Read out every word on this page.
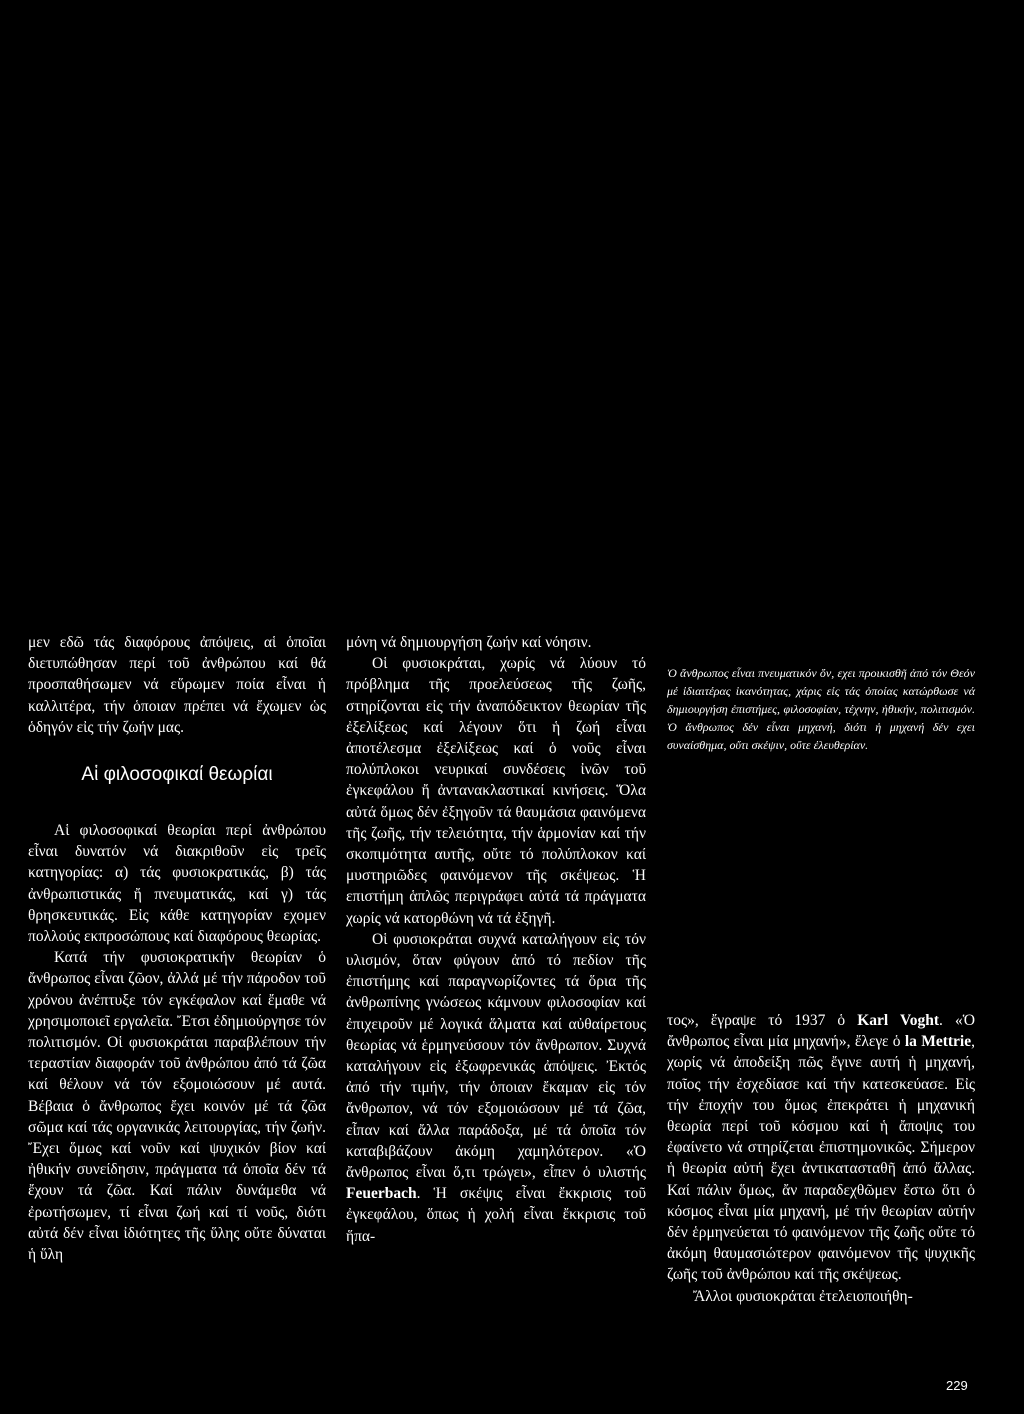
μεν εδῶ τάς διαφόρους ἀπόψεις, αἱ ὁποῖαι διετυπώθησαν περί τοῦ ἀνθρώπου καί θά προσπαθήσωμεν νά εὕρωμεν ποία εἶναι ἡ καλλιτέρα, τήν ὁποιαν πρέπει νά ἔχωμεν ὡς ὁδηγόν εἰς τήν ζωήν μας.

Αἱ φιλοσοφικαί θεωρίαι

Αἱ φιλοσοφικαί θεωρίαι περί ἀνθρώπου εἶναι δυνατόν νά διακριθοῦν εἰς τρεῖς κατηγορίας: α) τάς φυσιοκρατικάς, β) τάς ἀνθρωπιστικάς ἤ πνευματικάς, καί γ) τάς θρησκευτικάς. Εἰς κάθε κατηγορίαν εχομεν πολλούς εκπροσώπους καί διαφόρους θεωρίας.

Κατά τήν φυσιοκρατικήν θεωρίαν ὁ ἄνθρωπος εἶναι ζῶον, ἀλλά μέ τήν πάροδον τοῦ χρόνου ἀνέπτυξε τόν εγκέφαλον καί ἔμαθε νά χρησιμοποιεῖ εργαλεῖα. Ἔτσι ἐδημιούργησε τόν πολιτισμόν. Οἱ φυσιοκράται παραβλέπουν τήν τεραστίαν διαφοράν τοῦ ἀνθρώπου ἀπό τά ζῶα καί θέλουν νά τόν εξομοιώσουν μέ αυτά. Βέβαια ὁ ἄνθρωπος ἔχει κοινόν μέ τά ζῶα σῶμα καί τάς οργανικάς λειτουργίας, τήν ζωήν. Ἔχει ὅμως καί νοῦν καί ψυχικόν βίον καί ἠθικήν συνείδησιν, πράγματα τά ὁποῖα δέν τά ἔχουν τά ζῶα. Καί πάλιν δυνάμεθα νά ἐρωτήσωμεν, τί εἶναι ζωή καί τί νοῦς, διότι αὐτά δέν εἶναι ἰδιότητες τῆς ὕλης οὔτε δύναται ἡ ὕλη

μόνη νά δημιουργήση ζωήν καί νόησιν.

Οἱ φυσιοκράται, χωρίς νά λύουν τό πρόβλημα τῆς προελεύσεως τῆς ζωῆς, στηρίζονται εἰς τήν ἀναπόδεικτον θεωρίαν τῆς ἐξελίξεως καί λέγουν ὅτι ἡ ζωή εἶναι ἀποτέλεσμα ἐξελίξεως καί ὁ νοῦς εἶναι πολύπλοκοι νευρικαί συνδέσεις ἰνῶν τοῦ ἐγκεφάλου ἤ ἀντανακλαστικαί κινήσεις. Ὅλα αὐτά ὅμως δέν ἐξηγοῦν τά θαυμάσια φαινόμενα τῆς ζωῆς, τήν τελειότητα, τήν ἁρμονίαν καί τήν σκοπιμότητα αυτῆς, οὔτε τό πολύπλοκον καί μυστηριῶδες φαινόμενον τῆς σκέψεως. Ἡ επιστήμη ἁπλῶς περιγράφει αὐτά τά πράγματα χωρίς νά κατορθώνη νά τά ἐξηγῆ.

Οἱ φυσιοκράται συχνά καταλήγουν εἰς τόν υλισμόν, ὅταν φύγουν ἀπό τό πεδίον τῆς ἐπιστήμης καί παραγνωρίζοντες τά ὅρια τῆς ἀνθρωπίνης γνώσεως κάμνουν φιλοσοφίαν καί ἐπιχειροῦν μέ λογικά ἅλματα καί αὐθαίρετους θεωρίας νά ἑρμηνεύσουν τόν ἄνθρωπον. Συχνά καταλήγουν εἰς ἐξωφρενικάς ἀπόψεις. Ἐκτός ἀπό τήν τιμήν, τήν ὁποιαν ἔκαμαν εἰς τόν ἄνθρωπον, νά τόν εξομοιώσουν μέ τά ζῶα, εἶπαν καί ἄλλα παράδοξα, μέ τά ὁποῖα τόν καταβιβάζουν ἀκόμη χαμηλότερον. «Ὁ ἄνθρωπος εἶναι ὅ,τι τρώγει», εἶπεν ὁ υλιστής Feuerbach. Ἡ σκέψις εἶναι ἔκκρισις τοῦ ἐγκεφάλου, ὅπως ἡ χολή εἶναι ἔκκρισις τοῦ ἥπα-

Ὁ ἄνθρωπος εἶναι πνευματικόν ὄν, εχει προικισθῆ ἀπό τόν Θεόν μέ ἰδιαιτέρας ἱκανότητας, χάρις εἰς τάς ὁποίας κατώρθωσε νά δημιουργήση ἐπιστήμες, φιλοσοφίαν, τέχνην, ἠθικήν, πολιτισμόν. Ὁ ἄνθρωπος δέν εἶναι μηχανή, διότι ἡ μηχανή δέν εχει συναίσθημα, οὔτι σκέψιν, οὔτε ἐλευθερίαν.

τος», ἔγραψε τό 1937 ὁ Karl Voght. «Ὁ ἄνθρωπος εἶναι μία μηχανή», ἔλεγε ὁ la Mettrie, χωρίς νά ἀποδείξη πῶς ἔγινε αυτή ἡ μηχανή, ποῖος τήν ἐσχεδίασε καί τήν κατεσκεύασε. Εἰς τήν ἐποχήν του ὅμως ἐπεκράτει ἡ μηχανική θεωρία περί τοῦ κόσμου καί ἡ ἄποψις του ἐφαίνετο νά στηρίζεται ἐπιστημονικῶς. Σήμερον ἡ θεωρία αὐτή ἔχει ἀντικατασταθῆ ἀπό ἄλλας. Καί πάλιν ὅμως, ἄν παραδεχθῶμεν ἔστω ὅτι ὁ κόσμος εἶναι μία μηχανή, μέ τήν θεωρίαν αὐτήν δέν ἑρμηνεύεται τό φαινόμενον τῆς ζωῆς οὔτε τό ἀκόμη θαυμασιώτερον φαινόμενον τῆς ψυχικῆς ζωῆς τοῦ ἀνθρώπου καί τῆς σκέψεως.

Ἄλλοι φυσιοκράται ἐτελειοποιήθη-

229
